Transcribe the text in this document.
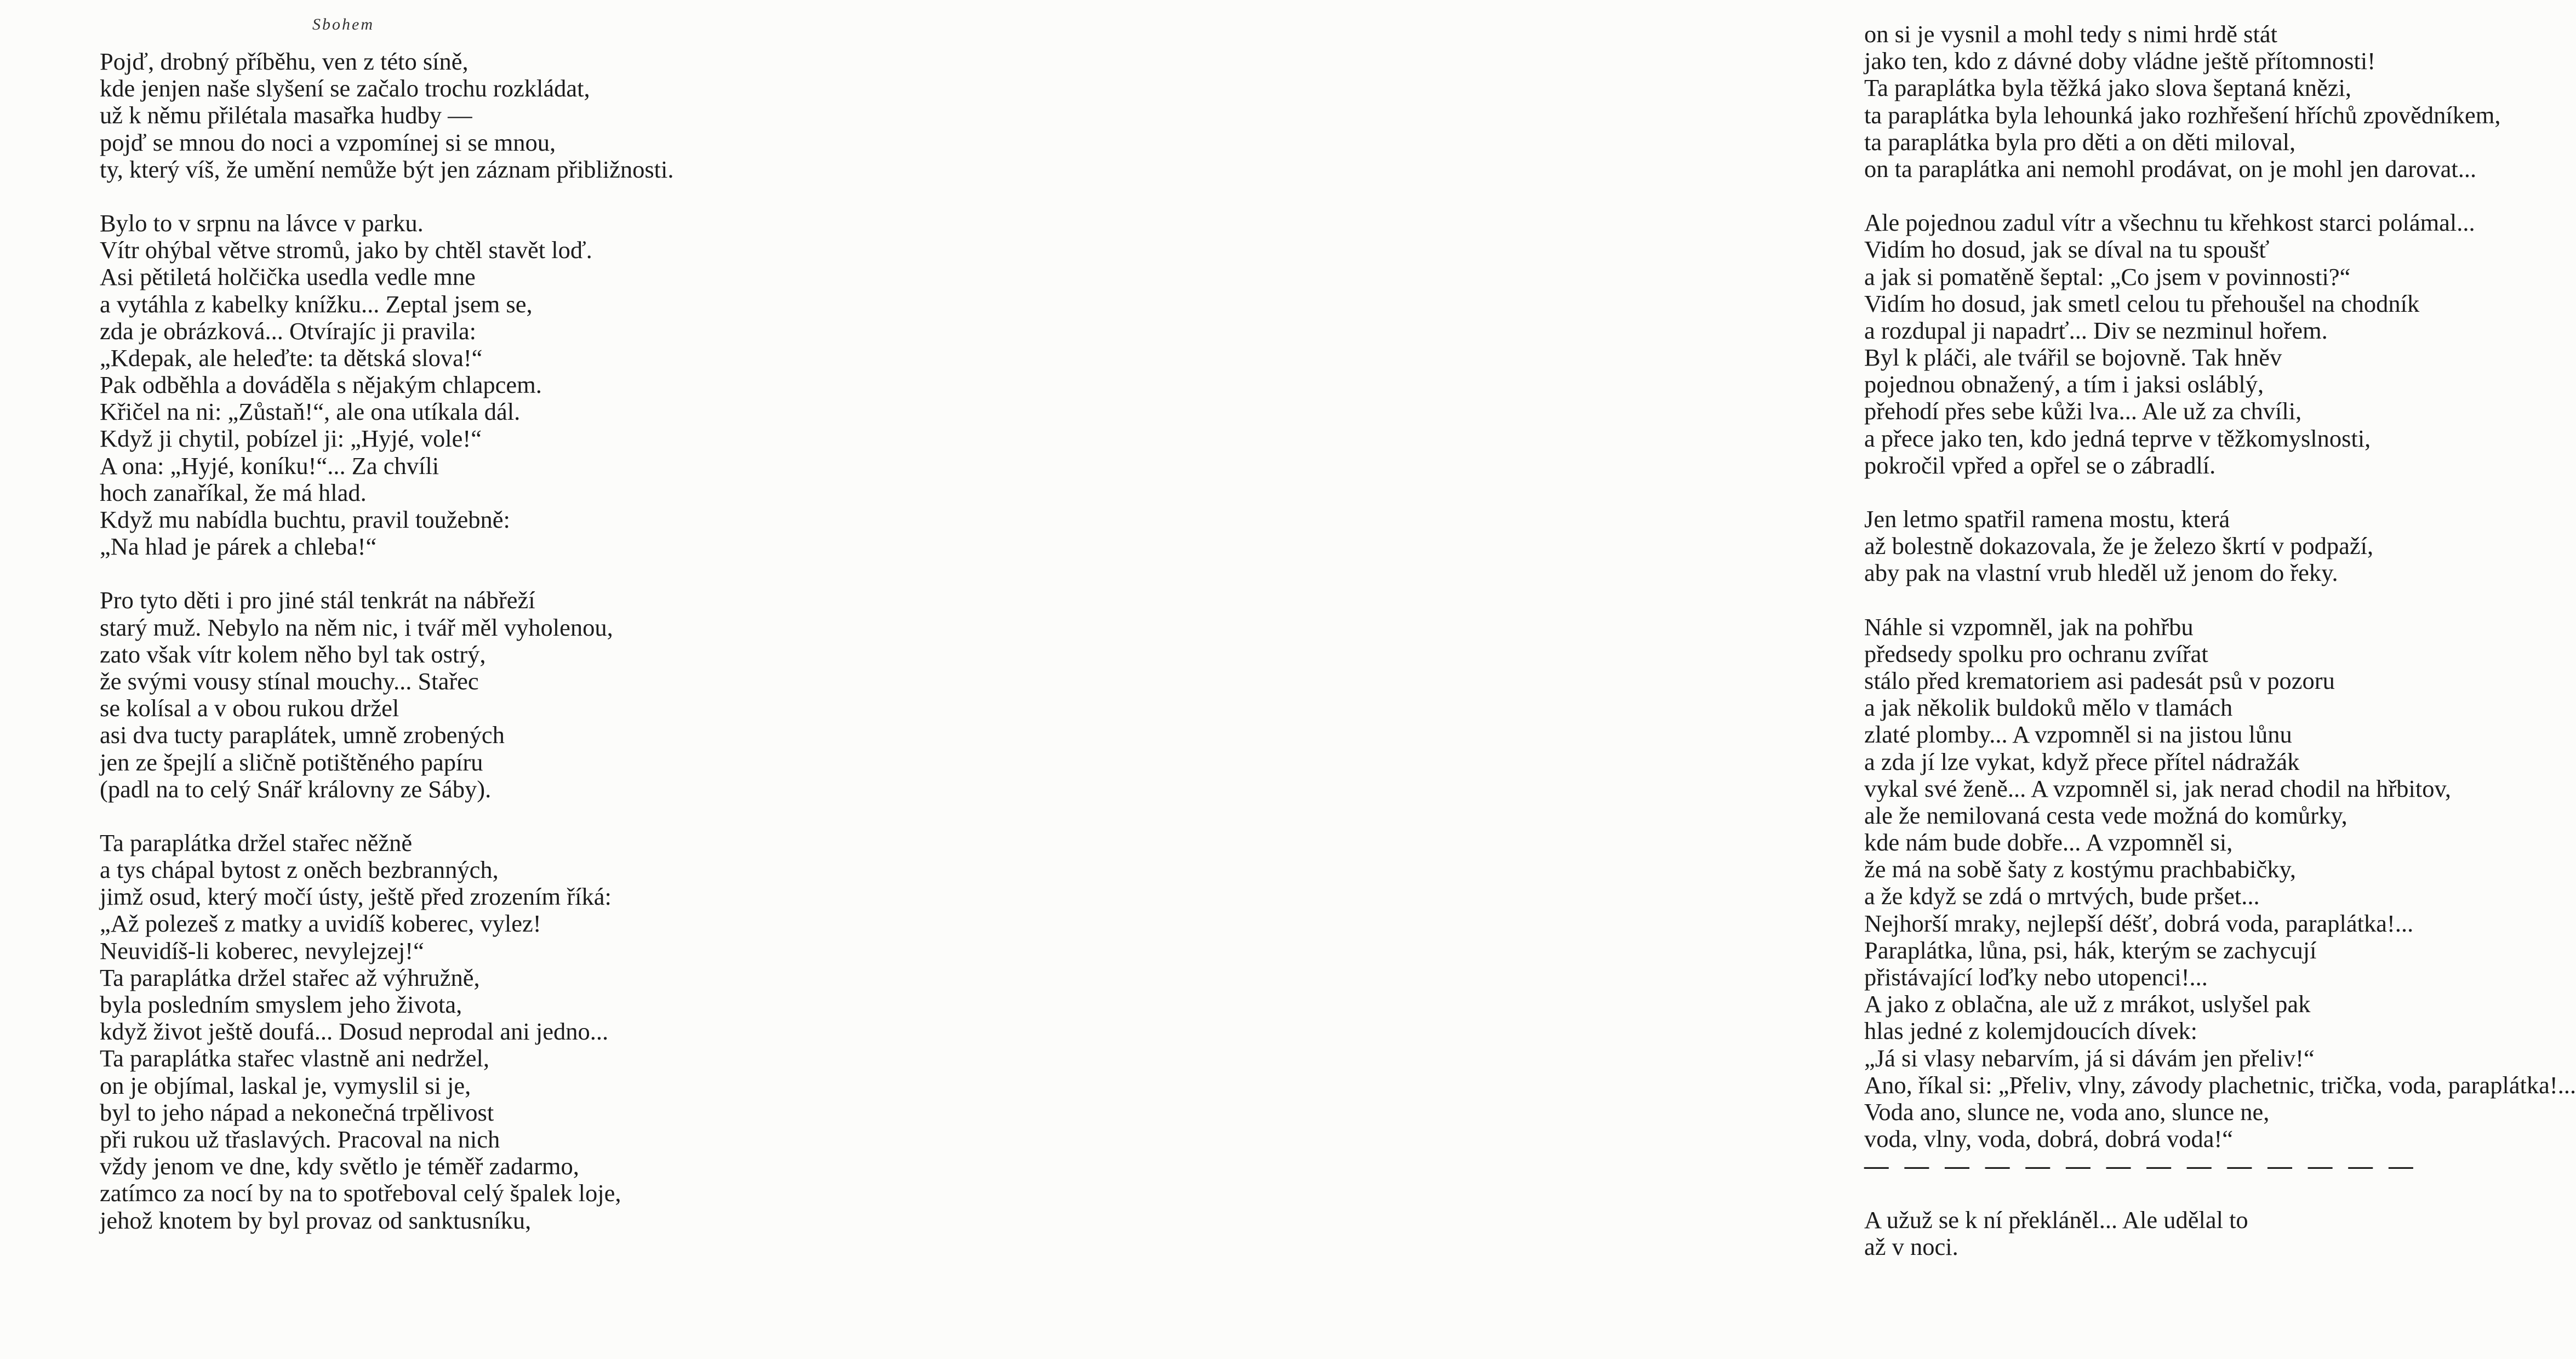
Sbohem
Pojď, drobný příběhu, ven z této síně,
kde jenjen naše slyšení se začalo trochu rozkládat,
už k němu přilétala masařka hudby —
pojď se mnou do noci a vzpomínej si se mnou,
ty, který víš, že umění nemůže být jen záznam přibližnosti.
Bylo to v srpnu na lávce v parku.
Vítr ohýbal větve stromů, jako by chtěl stavět loď.
Asi pětiletá holčička usedla vedle mne
a vytáhla z kabelky knížku... Zeptal jsem se,
zda je obrázková... Otvírajíc ji pravila:
„Kdepak, ale heleďte: ta dětská slova!“
Pak odběhla a dováděla s nějakým chlapcem.
Křičel na ni: „Zůstaň!“, ale ona utíkala dál.
Když ji chytil, pobízel ji: „Hyjé, vole!“
A ona: „Hyjé, koníku!“... Za chvíli
hoch zanaříkal, že má hlad.
Když mu nabídla buchtu, pravil toužebně:
„Na hlad je párek a chleba!“
Pro tyto děti i pro jiné stál tenkrát na nábřeží
starý muž. Nebylo na něm nic, i tvář měl vyholenou,
zato však vítr kolem něho byl tak ostrý,
že svými vousy stínal mouchy... Stařec
se kolísal a v obou rukou držel
asi dva tucty paraplátek, umně zrobených
jen ze špejlí a sličně potištěného papíru
(padl na to celý Snář královny ze Sáby).
Ta paraplátka držel stařec něžně
a tys chápal bytost z oněch bezbranných,
jimž osud, který močí ústy, ještě před zrozením říká:
„Až polezeš z matky a uvidíš koberec, vylez!
Neuvidíš-li koberec, nevylejzej!“
Ta paraplátka držel stařec až výhružně,
byla posledním smyslem jeho života,
když život ještě doufá... Dosud neprodal ani jedno...
Ta paraplátka stařec vlastně ani nedržel,
on je objímal, laskal je, vymyslil si je,
byl to jeho nápad a nekonečná trpělivost
při rukou už třaslavých. Pracoval na nich
vždy jenom ve dne, kdy světlo je téměř zadarmo,
zatímco za nocí by na to spotřeboval celý špalek loje,
jehož knotem by byl provaz od sanktusníku,
on si je vysnil a mohl tedy s nimi hrdě stát
jako ten, kdo z dávné doby vládne ještě přítomnosti!
Ta paraplátka byla těžká jako slova šeptaná knězi,
ta paraplátka byla lehounká jako rozhřešení hříchů zpovědníkem,
ta paraplátka byla pro děti a on děti miloval,
on ta paraplátka ani nemohl prodávat, on je mohl jen darovat...
Ale pojednou zadul vítr a všechnu tu křehkost starci polámal...
Vidím ho dosud, jak se díval na tu spoušť
a jak si pomatěně šeptal: „Co jsem v povinnosti?“
Vidím ho dosud, jak smetl celou tu přehoušel na chodník
a rozdupal ji napadrť... Div se nezminul hořem.
Byl k pláči, ale tvářil se bojovně. Tak hněv
pojednou obnažený, a tím i jaksi osláblý,
přehodí přes sebe kůži lva... Ale už za chvíli,
a přece jako ten, kdo jedná teprve v těžkomyslnosti,
pokročil vpřed a opřel se o zábradlí.
Jen letmo spatřil ramena mostu, která
až bolestně dokazovala, že je železo škrtí v podpaží,
aby pak na vlastní vrub hleděl už jenom do řeky.
Náhle si vzpomněl, jak na pohřbu
předsedy spolku pro ochranu zvířat
stálo před krematoriem asi padesát psů v pozoru
a jak několik buldoků mělo v tlamách
zlaté plomby... A vzpomněl si na jistou lůnu
a zda jí lze vykat, když přece přítel nádražák
vykal své ženě... A vzpomněl si, jak nerad chodil na hřbitov,
ale že nemilovaná cesta vede možná do komůrky,
kde nám bude dobře... A vzpomněl si,
že má na sobě šaty z kostýmu prachbabičky,
a že když se zdá o mrtvých, bude pršet...
Nejhorší mraky, nejlepší déšť, dobrá voda, paraplátka!...
Paraplátka, lůna, psi, hák, kterým se zachycují
přistávající loďky nebo utopenci!...
A jako z oblačna, ale už z mrákot, uslyšel pak
hlas jedné z kolemjdoucích dívek:
„Já si vlasy nebarvím, já si dávám jen přeliv!“
Ano, říkal si: „Přeliv, vlny, závody plachetnic, trička, voda, paraplátka!...
Voda ano, slunce ne, voda ano, slunce ne,
voda, vlny, voda, dobrá, dobrá voda!“
— — — — — — — — — — — — — —
A užuž se k ní překláněl... Ale udělal to
až v noci.
